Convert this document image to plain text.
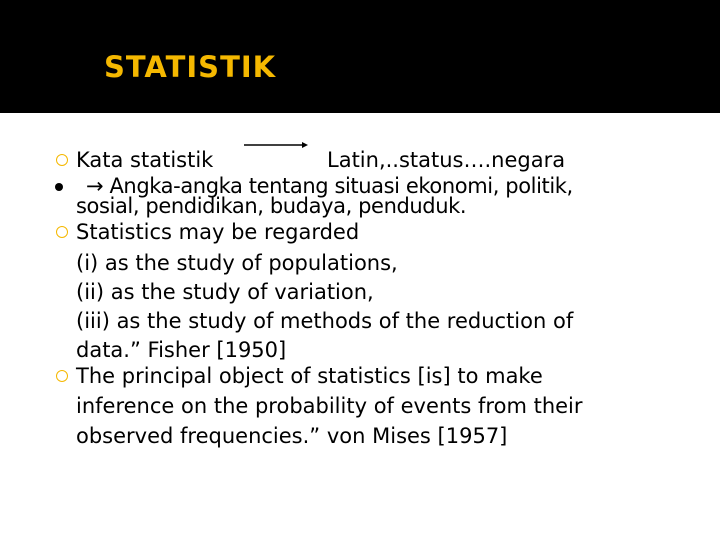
STATISTIK
Kata statistik	Latin,..status….negara
→ Angka-angka tentang situasi ekonomi, politik,
sosial, pendidikan, budaya, penduduk.
Statistics may be regarded
(i) as the study of populations,
(ii) as the study of variation,
(iii) as the study of methods of the reduction of
data.” Fisher [1950]
The principal object of statistics [is] to make
inference on the probability of events from their
observed frequencies.” von Mises [1957]
